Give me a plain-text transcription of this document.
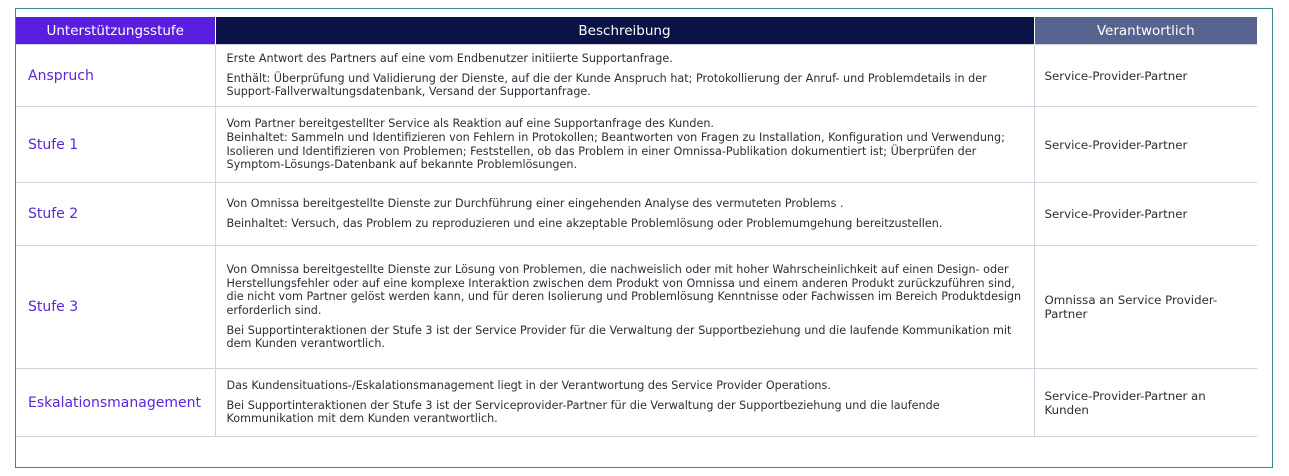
Unterstützungsstufe	Beschreibung	Verantwortlich
Anspruch	Erste Antwort des Partners auf eine vom Endbenutzer initiierte Supportanfrage.

Enthält: Überprüfung und Validierung der Dienste, auf die der Kunde Anspruch hat; Protokollierung der Anruf- und Problemdetails in der Support-Fallverwaltungsdatenbank, Versand der Supportanfrage.	Service-Provider-Partner
Stufe 1	Vom Partner bereitgestellter Service als Reaktion auf eine Supportanfrage des Kunden.

Beinhaltet: Sammeln und Identifizieren von Fehlern in Protokollen; Beantworten von Fragen zu Installation, Konfiguration und Verwendung; Isolieren und Identifizieren von Problemen; Feststellen, ob das Problem in einer Omnissa-Publikation dokumentiert ist; Überprüfen der Symptom-Lösungs-Datenbank auf bekannte Problemlösungen.	Service-Provider-Partner
Stufe 2	Von Omnissa bereitgestellte Dienste zur Durchführung einer eingehenden Analyse des vermuteten Problems .

Beinhaltet: Versuch, das Problem zu reproduzieren und eine akzeptable Problemlösung oder Problemumgehung bereitzustellen.	Service-Provider-Partner
Stufe 3	Von Omnissa bereitgestellte Dienste zur Lösung von Problemen, die nachweislich oder mit hoher Wahrscheinlichkeit auf einen Design- oder Herstellungsfehler oder auf eine komplexe Interaktion zwischen dem Produkt von Omnissa und einem anderen Produkt zurückzuführen sind, die nicht vom Partner gelöst werden kann, und für deren Isolierung und Problemlösung Kenntnisse oder Fachwissen im Bereich Produktdesign erforderlich sind.

Bei Supportinteraktionen der Stufe 3 ist der Service Provider für die Verwaltung der Supportbeziehung und die laufende Kommunikation mit dem Kunden verantwortlich.	Omnissa an Service Provider-Partner
Eskalationsmanagement	Das Kundensituations-/Eskalationsmanagement liegt in der Verantwortung des Service Provider Operations.

Bei Supportinteraktionen der Stufe 3 ist der Serviceprovider-Partner für die Verwaltung der Supportbeziehung und die laufende Kommunikation mit dem Kunden verantwortlich.	Service-Provider-Partner an Kunden
